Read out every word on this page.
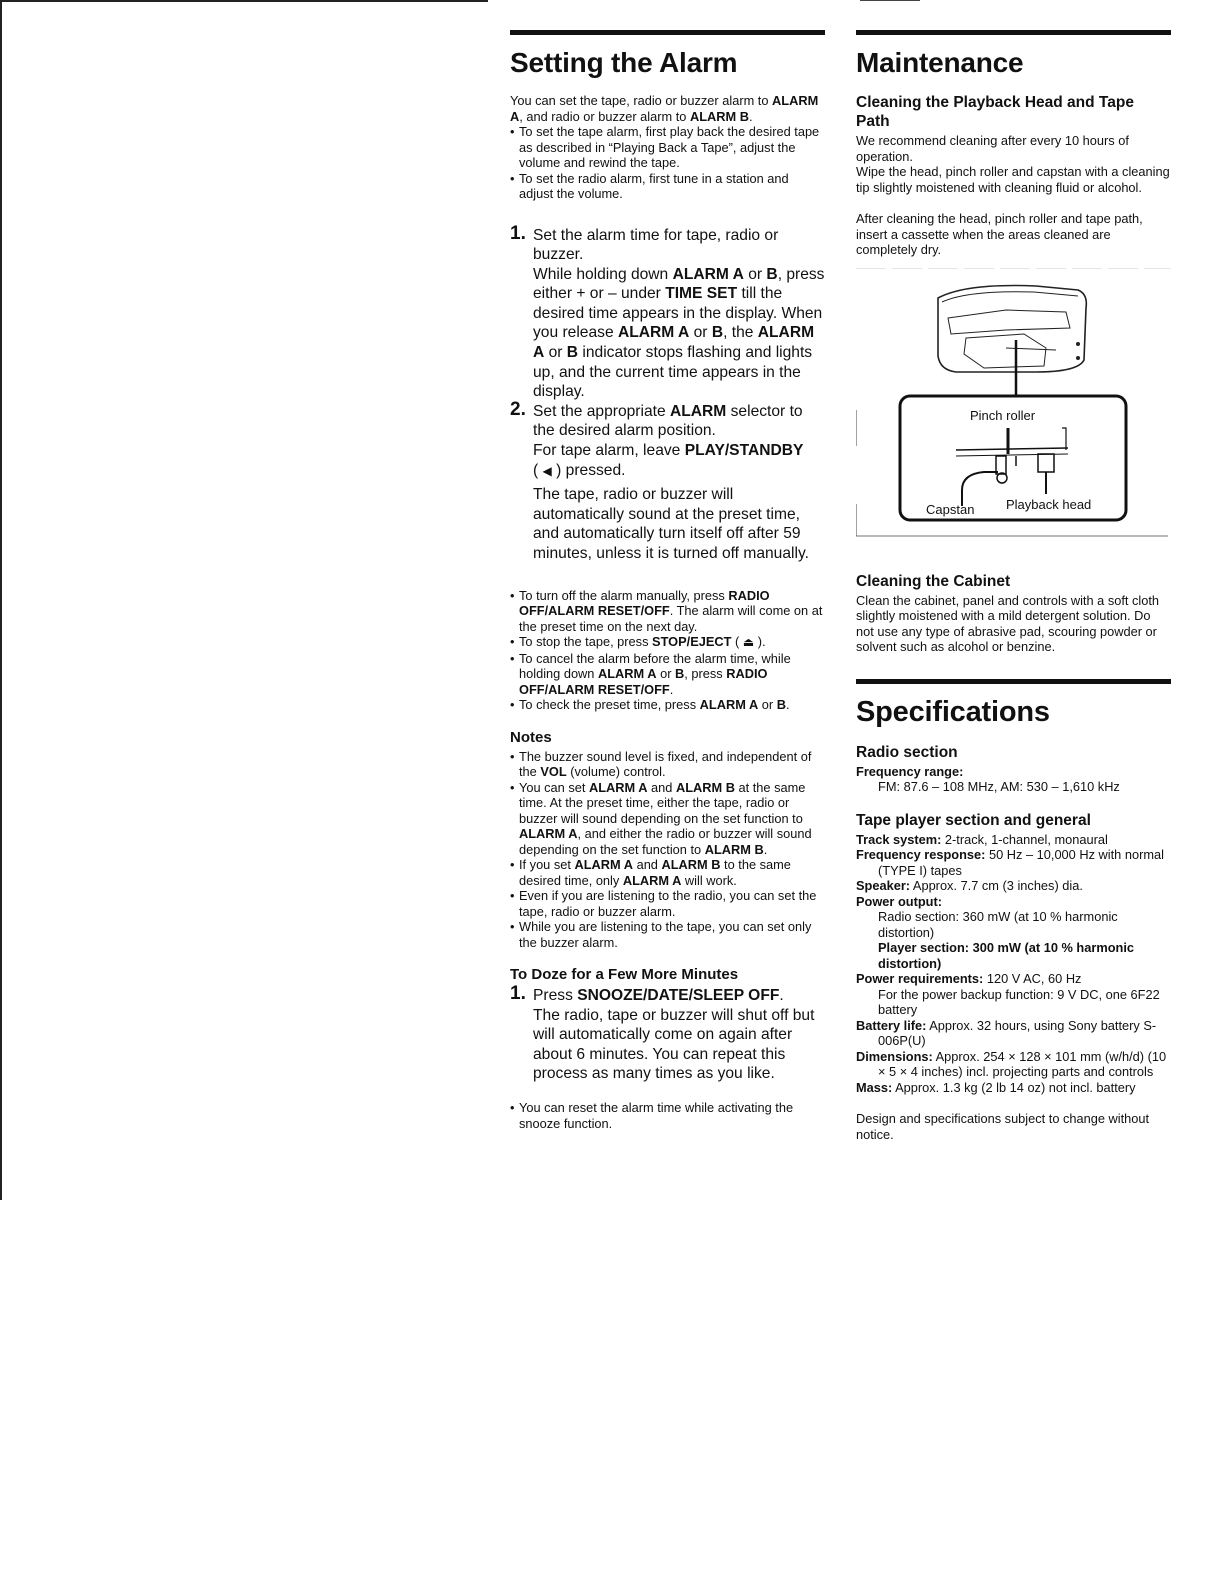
Setting the Alarm

You can set the tape, radio or buzzer alarm to ALARM A, and radio or buzzer alarm to ALARM B.

• To set the tape alarm, first play back the desired tape as described in “Playing Back a Tape”, adjust the volume and rewind the tape.
• To set the radio alarm, first tune in a station and adjust the volume.
1. Set the alarm time for tape, radio or buzzer.

While holding down ALARM A or B, press either + or – under TIME SET till the desired time appears in the display. When you release ALARM A or B, the ALARM A or B indicator stops flashing and lights up, and the current time appears in the display.

2. Set the appropriate ALARM selector to the desired alarm position.

For tape alarm, leave PLAY/STANDBY
( ◀ ) pressed.

The tape, radio or buzzer will automatically sound at the preset time, and automatically turn itself off after 59 minutes, unless it is turned off manually.

• To turn off the alarm manually, press RADIO OFF/ALARM RESET/OFF. The alarm will come on at the preset time on the next day.
• To stop the tape, press STOP/EJECT ( ⏏ ).
• To cancel the alarm before the alarm time, while holding down ALARM A or B, press RADIO OFF/ALARM RESET/OFF.
• To check the preset time, press ALARM A or B.
Notes
• The buzzer sound level is fixed, and independent of the VOL (volume) control.
• You can set ALARM A and ALARM B at the same time. At the preset time, either the tape, radio or buzzer will sound depending on the set function to ALARM A, and either the radio or buzzer will sound depending on the set function to ALARM B.
• If you set ALARM A and ALARM B to the same desired time, only ALARM A will work.
• Even if you are listening to the radio, you can set the tape, radio or buzzer alarm.
• While you are listening to the tape, you can set only the buzzer alarm.
To Doze for a Few More Minutes
1. Press SNOOZE/DATE/SLEEP OFF.

The radio, tape or buzzer will shut off but will automatically come on again after about 6 minutes. You can repeat this process as many times as you like.

• You can reset the alarm time while activating the snooze function.
Maintenance
Cleaning the Playback Head and Tape Path

We recommend cleaning after every 10 hours of operation.

Wipe the head, pinch roller and capstan with a cleaning tip slightly moistened with cleaning fluid or alcohol.

After cleaning the head, pinch roller and tape path, insert a cassette when the areas cleaned are completely dry.

Pinch roller
Capstan Playback head
Cleaning the Cabinet

Clean the cabinet, panel and controls with a soft cloth slightly moistened with a mild detergent solution. Do not use any type of abrasive pad, scouring powder or solvent such as alcohol or benzine.

Specifications
Radio section
Frequency range:
FM: 87.6 – 108 MHz, AM: 530 – 1,610 kHz
Tape player section and general
Track system: 2-track, 1-channel, monaural
Frequency response: 50 Hz – 10,000 Hz with normal (TYPE I) tapes
Speaker: Approx. 7.7 cm (3 inches) dia.
Power output:
Radio section: 360 mW (at 10 % harmonic distortion)
Player section: 300 mW (at 10 % harmonic distortion)
Power requirements: 120 V AC, 60 Hz
For the power backup function: 9 V DC, one 6F22 battery
Battery life: Approx. 32 hours, using Sony battery S-006P(U)
Dimensions: Approx. 254 × 128 × 101 mm (w/h/d) (10 × 5 × 4 inches) incl. projecting parts and controls
Mass: Approx. 1.3 kg (2 lb 14 oz) not incl. battery

Design and specifications subject to change without notice.
